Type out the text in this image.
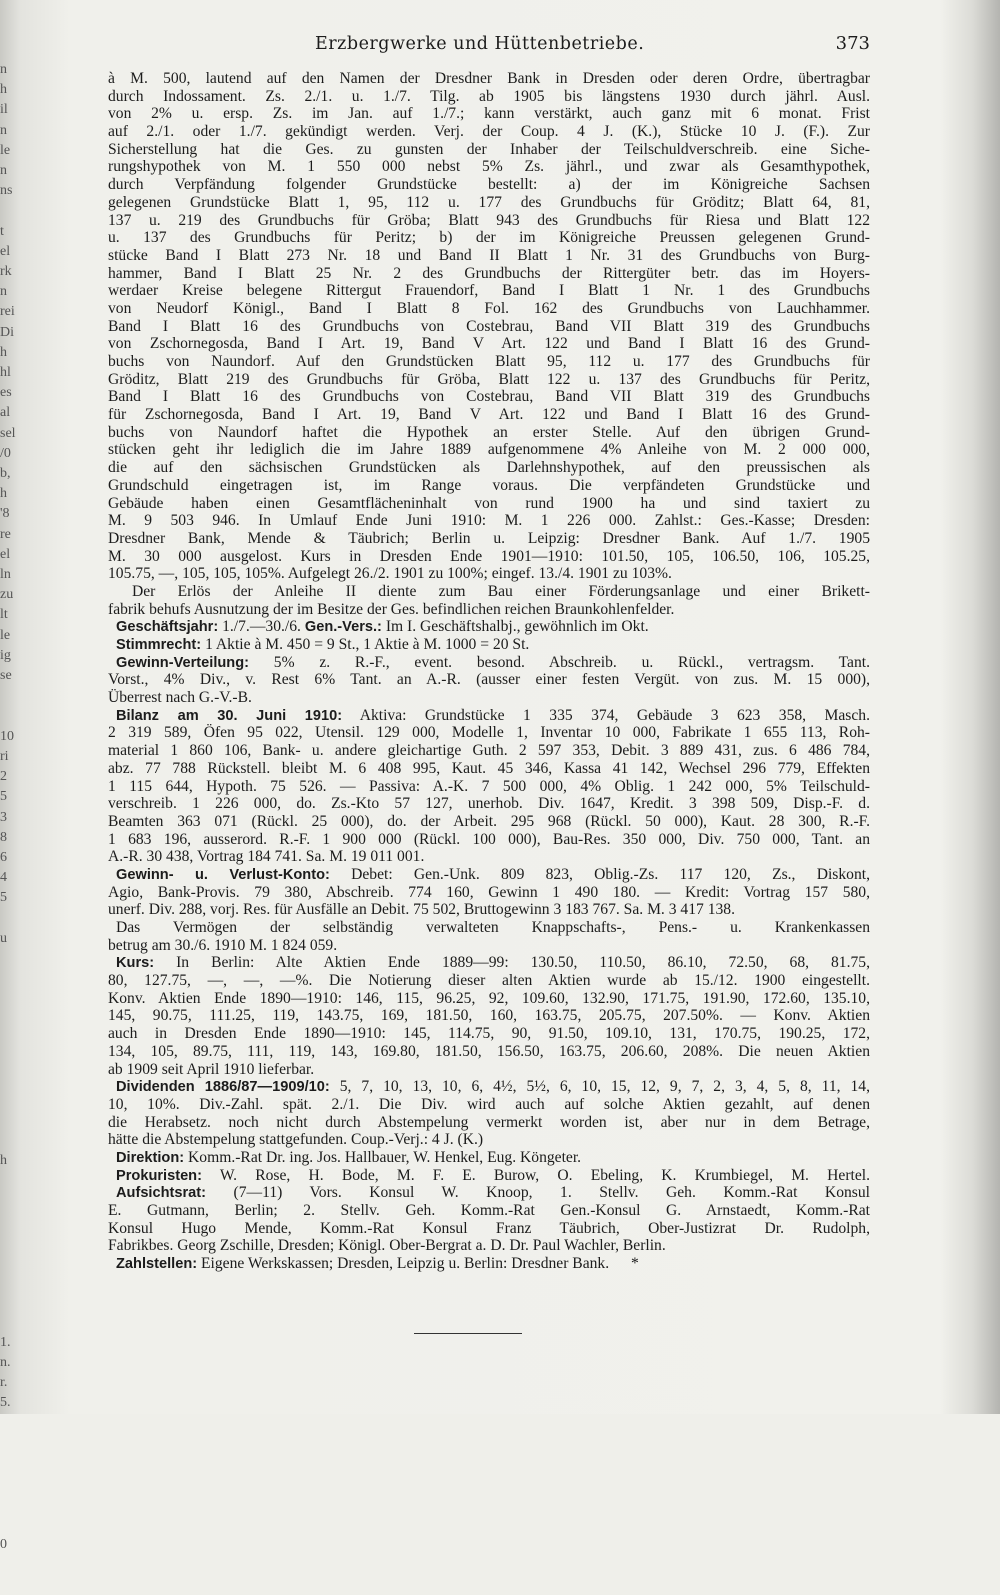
n
h
il
n
le
n
ns

t
el
rk
n
rei
Di
h
hl
es
al
sel
/0
b,
h
'8
re
el
ln
zu
lt
le
ig
se

10
ri
2
5
3
8
6
4
5

u

h

1.
n.
r.
5.

0

Erzbergwerke und Hüttenbetriebe.	373
à M. 500, lautend auf den Namen der Dresdner Bank in Dresden oder deren Ordre, übertragbar
durch Indossament. Zs. 2./1. u. 1./7. Tilg. ab 1905 bis längstens 1930 durch jährl. Ausl.
von 2% u. ersp. Zs. im Jan. auf 1./7.; kann verstärkt, auch ganz mit 6 monat. Frist
auf 2./1. oder 1./7. gekündigt werden. Verj. der Coup. 4 J. (K.), Stücke 10 J. (F.). Zur
Sicherstellung hat die Ges. zu gunsten der Inhaber der Teilschuldverschreib. eine Siche-
rungshypothek von M. 1 550 000 nebst 5% Zs. jährl., und zwar als Gesamthypothek,
durch Verpfändung folgender Grundstücke bestellt: a) der im Königreiche Sachsen
gelegenen Grundstücke Blatt 1, 95, 112 u. 177 des Grundbuchs für Gröditz; Blatt 64, 81,
137 u. 219 des Grundbuchs für Gröba; Blatt 943 des Grundbuchs für Riesa und Blatt 122
u. 137 des Grundbuchs für Peritz; b) der im Königreiche Preussen gelegenen Grund-
stücke Band I Blatt 273 Nr. 18 und Band II Blatt 1 Nr. 31 des Grundbuchs von Burg-
hammer, Band I Blatt 25 Nr. 2 des Grundbuchs der Rittergüter betr. das im Hoyers-
werdaer Kreise belegene Rittergut Frauendorf, Band I Blatt 1 Nr. 1 des Grundbuchs
von Neudorf Königl., Band I Blatt 8 Fol. 162 des Grundbuchs von Lauchhammer.
Band I Blatt 16 des Grundbuchs von Costebrau, Band VII Blatt 319 des Grundbuchs
von Zschornegosda, Band I Art. 19, Band V Art. 122 und Band I Blatt 16 des Grund-
buchs von Naundorf. Auf den Grundstücken Blatt 95, 112 u. 177 des Grundbuchs für
Gröditz, Blatt 219 des Grundbuchs für Gröba, Blatt 122 u. 137 des Grundbuchs für Peritz,
Band I Blatt 16 des Grundbuchs von Costebrau, Band VII Blatt 319 des Grundbuchs
für Zschornegosda, Band I Art. 19, Band V Art. 122 und Band I Blatt 16 des Grund-
buchs von Naundorf haftet die Hypothek an erster Stelle. Auf den übrigen Grund-
stücken geht ihr lediglich die im Jahre 1889 aufgenommene 4% Anleihe von M. 2 000 000,
die auf den sächsischen Grundstücken als Darlehnshypothek, auf den preussischen als
Grundschuld eingetragen ist, im Range voraus. Die verpfändeten Grundstücke und
Gebäude haben einen Gesamtflächeninhalt von rund 1900 ha und sind taxiert zu
M. 9 503 946. In Umlauf Ende Juni 1910: M. 1 226 000. Zahlst.: Ges.-Kasse; Dresden:
Dresdner Bank, Mende & Täubrich; Berlin u. Leipzig: Dresdner Bank. Auf 1./7. 1905
M. 30 000 ausgelost. Kurs in Dresden Ende 1901—1910: 101.50, 105, 106.50, 106, 105.25,
105.75, —, 105, 105, 105%. Aufgelegt 26./2. 1901 zu 100%; eingef. 13./4. 1901 zu 103%.
Der Erlös der Anleihe II diente zum Bau einer Förderungsanlage und einer Brikett-
fabrik behufs Ausnutzung der im Besitze der Ges. befindlichen reichen Braunkohlenfelder.
Geschäftsjahr: 1./7.—30./6. Gen.-Vers.: Im I. Geschäftshalbj., gewöhnlich im Okt.
Stimmrecht: 1 Aktie à M. 450 = 9 St., 1 Aktie à M. 1000 = 20 St.
Gewinn-Verteilung: 5% z. R.-F., event. besond. Abschreib. u. Rückl., vertragsm. Tant.
Vorst., 4% Div., v. Rest 6% Tant. an A.-R. (ausser einer festen Vergüt. von zus. M. 15 000),
Überrest nach G.-V.-B.
Bilanz am 30. Juni 1910: Aktiva: Grundstücke 1 335 374, Gebäude 3 623 358, Masch.
2 319 589, Öfen 95 022, Utensil. 129 000, Modelle 1, Inventar 10 000, Fabrikate 1 655 113, Roh-
material 1 860 106, Bank- u. andere gleichartige Guth. 2 597 353, Debit. 3 889 431, zus. 6 486 784,
abz. 77 788 Rückstell. bleibt M. 6 408 995, Kaut. 45 346, Kassa 41 142, Wechsel 296 779, Effekten
1 115 644, Hypoth. 75 526. — Passiva: A.-K. 7 500 000, 4% Oblig. 1 242 000, 5% Teilschuld-
verschreib. 1 226 000, do. Zs.-Kto 57 127, unerhob. Div. 1647, Kredit. 3 398 509, Disp.-F. d.
Beamten 363 071 (Rückl. 25 000), do. der Arbeit. 295 968 (Rückl. 50 000), Kaut. 28 300, R.-F.
1 683 196, ausserord. R.-F. 1 900 000 (Rückl. 100 000), Bau-Res. 350 000, Div. 750 000, Tant. an
A.-R. 30 438, Vortrag 184 741. Sa. M. 19 011 001.
Gewinn- u. Verlust-Konto: Debet: Gen.-Unk. 809 823, Oblig.-Zs. 117 120, Zs., Diskont,
Agio, Bank-Provis. 79 380, Abschreib. 774 160, Gewinn 1 490 180. — Kredit: Vortrag 157 580,
unerf. Div. 288, vorj. Res. für Ausfälle an Debit. 75 502, Bruttogewinn 3 183 767. Sa. M. 3 417 138.
Das Vermögen der selbständig verwalteten Knappschafts-, Pens.- u. Krankenkassen
betrug am 30./6. 1910 M. 1 824 059.
Kurs: In Berlin: Alte Aktien Ende 1889—99: 130.50, 110.50, 86.10, 72.50, 68, 81.75,
80, 127.75, —, —, —%. Die Notierung dieser alten Aktien wurde ab 15./12. 1900 eingestellt.
Konv. Aktien Ende 1890—1910: 146, 115, 96.25, 92, 109.60, 132.90, 171.75, 191.90, 172.60, 135.10,
145, 90.75, 111.25, 119, 143.75, 169, 181.50, 160, 163.75, 205.75, 207.50%. — Konv. Aktien
auch in Dresden Ende 1890—1910: 145, 114.75, 90, 91.50, 109.10, 131, 170.75, 190.25, 172,
134, 105, 89.75, 111, 119, 143, 169.80, 181.50, 156.50, 163.75, 206.60, 208%. Die neuen Aktien
ab 1909 seit April 1910 lieferbar.
Dividenden 1886/87—1909/10: 5, 7, 10, 13, 10, 6, 4½, 5½, 6, 10, 15, 12, 9, 7, 2, 3, 4, 5, 8, 11, 14,
10, 10%. Div.-Zahl. spät. 2./1. Die Div. wird auch auf solche Aktien gezahlt, auf denen
die Herabsetz. noch nicht durch Abstempelung vermerkt worden ist, aber nur in dem Betrage,
hätte die Abstempelung stattgefunden. Coup.-Verj.: 4 J. (K.)
Direktion: Komm.-Rat Dr. ing. Jos. Hallbauer, W. Henkel, Eug. Köngeter.
Prokuristen: W. Rose, H. Bode, M. F. E. Burow, O. Ebeling, K. Krumbiegel, M. Hertel.
Aufsichtsrat: (7—11) Vors. Konsul W. Knoop, 1. Stellv. Geh. Komm.-Rat Konsul
E. Gutmann, Berlin; 2. Stellv. Geh. Komm.-Rat Gen.-Konsul G. Arnstaedt, Komm.-Rat
Konsul Hugo Mende, Komm.-Rat Konsul Franz Täubrich, Ober-Justizrat Dr. Rudolph,
Fabrikbes. Georg Zschille, Dresden; Königl. Ober-Bergrat a. D. Dr. Paul Wachler, Berlin.
Zahlstellen: Eigene Werkskassen; Dresden, Leipzig u. Berlin: Dresdner Bank. *
